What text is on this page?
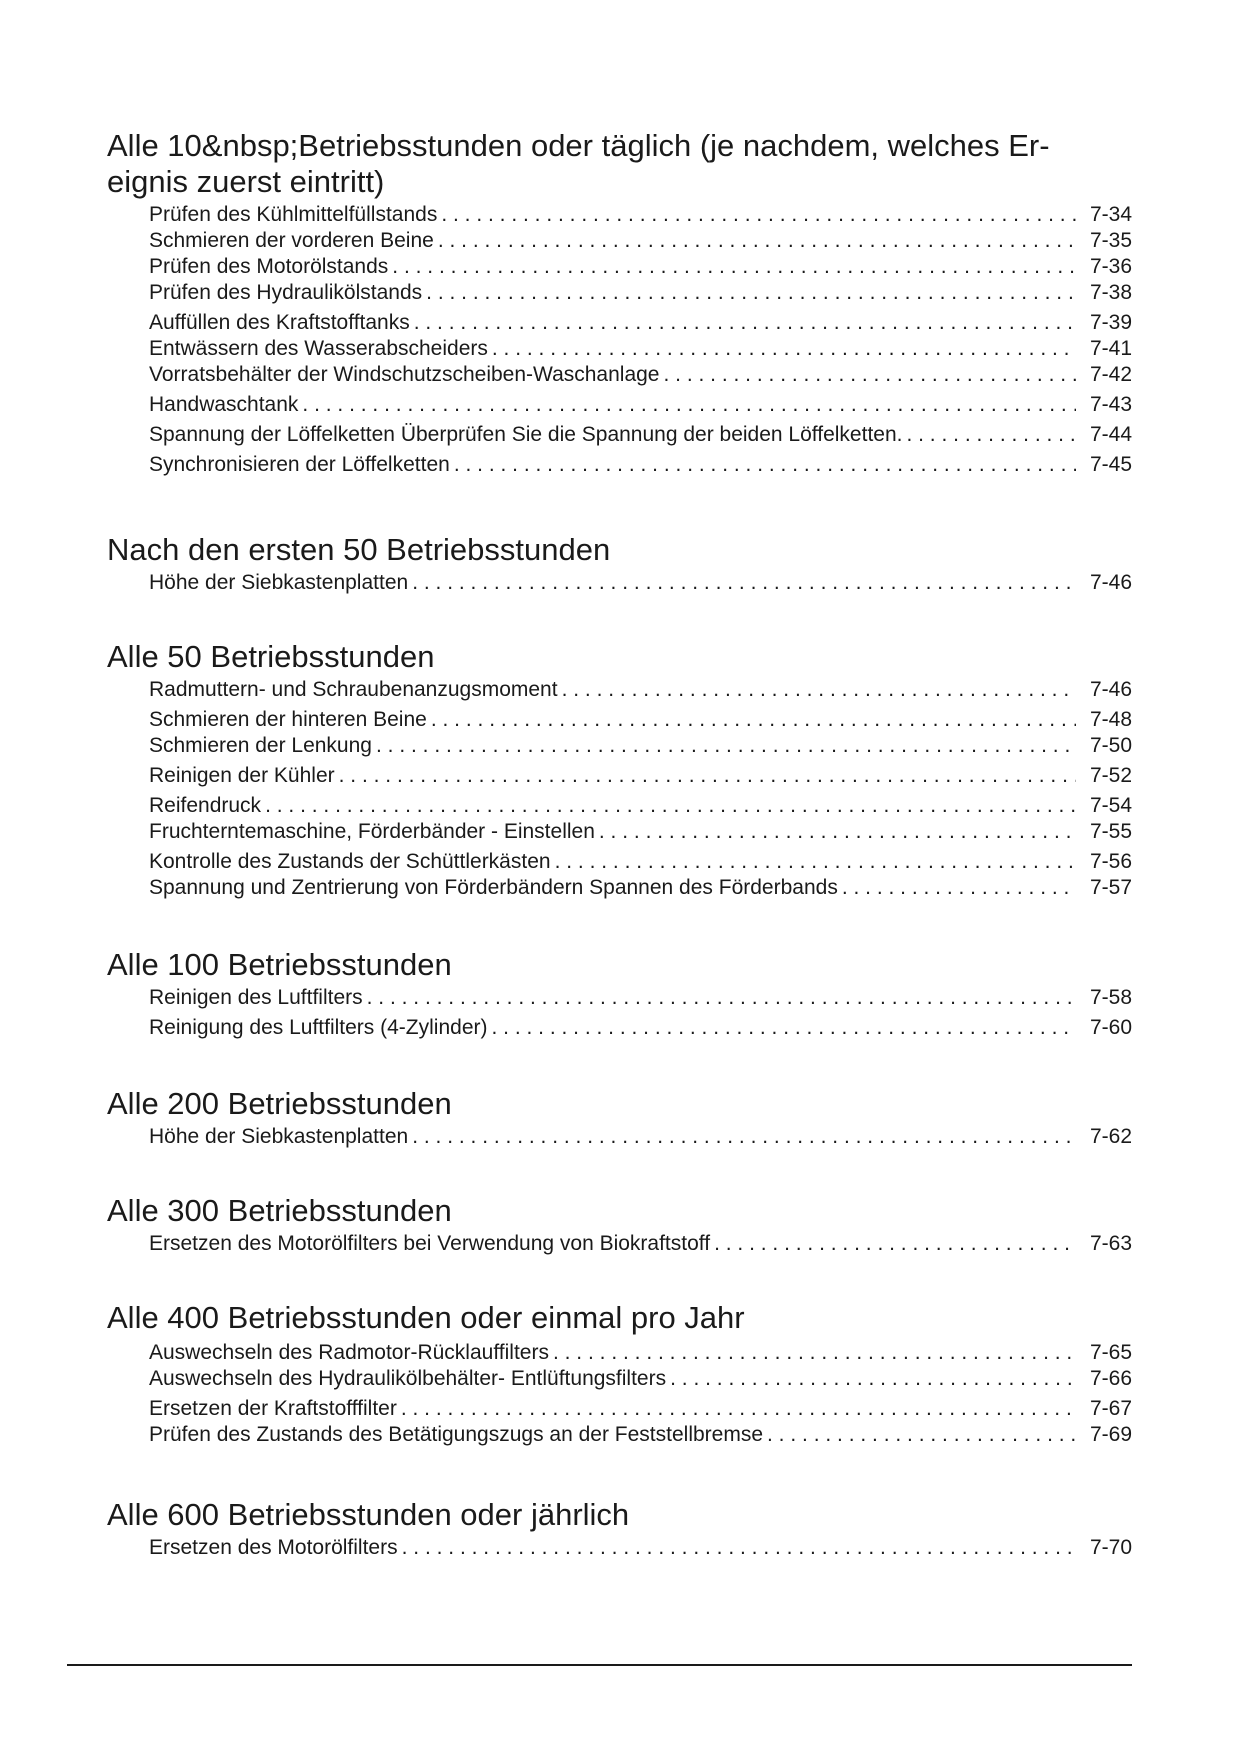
Alle 10&nbsp;Betriebsstunden oder täglich (je nachdem, welches Er-
eignis zuerst eintritt)
Prüfen des Kühlmittelfüllstands . . .	7-34
Schmieren der vorderen Beine . . .	7-35
Prüfen des Motorölstands . . .	7-36
Prüfen des Hydraulikölstands . . .	7-38
Auffüllen des Kraftstofftanks . . .	7-39
Entwässern des Wasserabscheiders . . .	7-41
Vorratsbehälter der Windschutzscheiben-Waschanlage . . .	7-42
Handwaschtank . . .	7-43
Spannung der Löffelketten Überprüfen Sie die Spannung der beiden Löffelketten. . . .	7-44
Synchronisieren der Löffelketten . . .	7-45
Nach den ersten 50 Betriebsstunden
Höhe der Siebkastenplatten . . .	7-46
Alle 50 Betriebsstunden
Radmuttern- und Schraubenanzugsmoment . . .	7-46
Schmieren der hinteren Beine . . .	7-48
Schmieren der Lenkung . . .	7-50
Reinigen der Kühler . . .	7-52
Reifendruck . . .	7-54
Fruchterntemaschine, Förderbänder - Einstellen . . .	7-55
Kontrolle des Zustands der Schüttlerkästen . . .	7-56
Spannung und Zentrierung von Förderbändern Spannen des Förderbands . . .	7-57
Alle 100 Betriebsstunden
Reinigen des Luftfilters . . .	7-58
Reinigung des Luftfilters (4-Zylinder) . . .	7-60
Alle 200 Betriebsstunden
Höhe der Siebkastenplatten . . .	7-62
Alle 300 Betriebsstunden
Ersetzen des Motorölfilters bei Verwendung von Biokraftstoff . . .	7-63
Alle 400 Betriebsstunden oder einmal pro Jahr
Auswechseln des Radmotor-Rücklauffilters . . .	7-65
Auswechseln des Hydraulikölbehälter- Entlüftungsfilters . . .	7-66
Ersetzen der Kraftstofffilter . . .	7-67
Prüfen des Zustands des Betätigungszugs an der Feststellbremse . . .	7-69
Alle 600 Betriebsstunden oder jährlich
Ersetzen des Motorölfilters . . .	7-70
